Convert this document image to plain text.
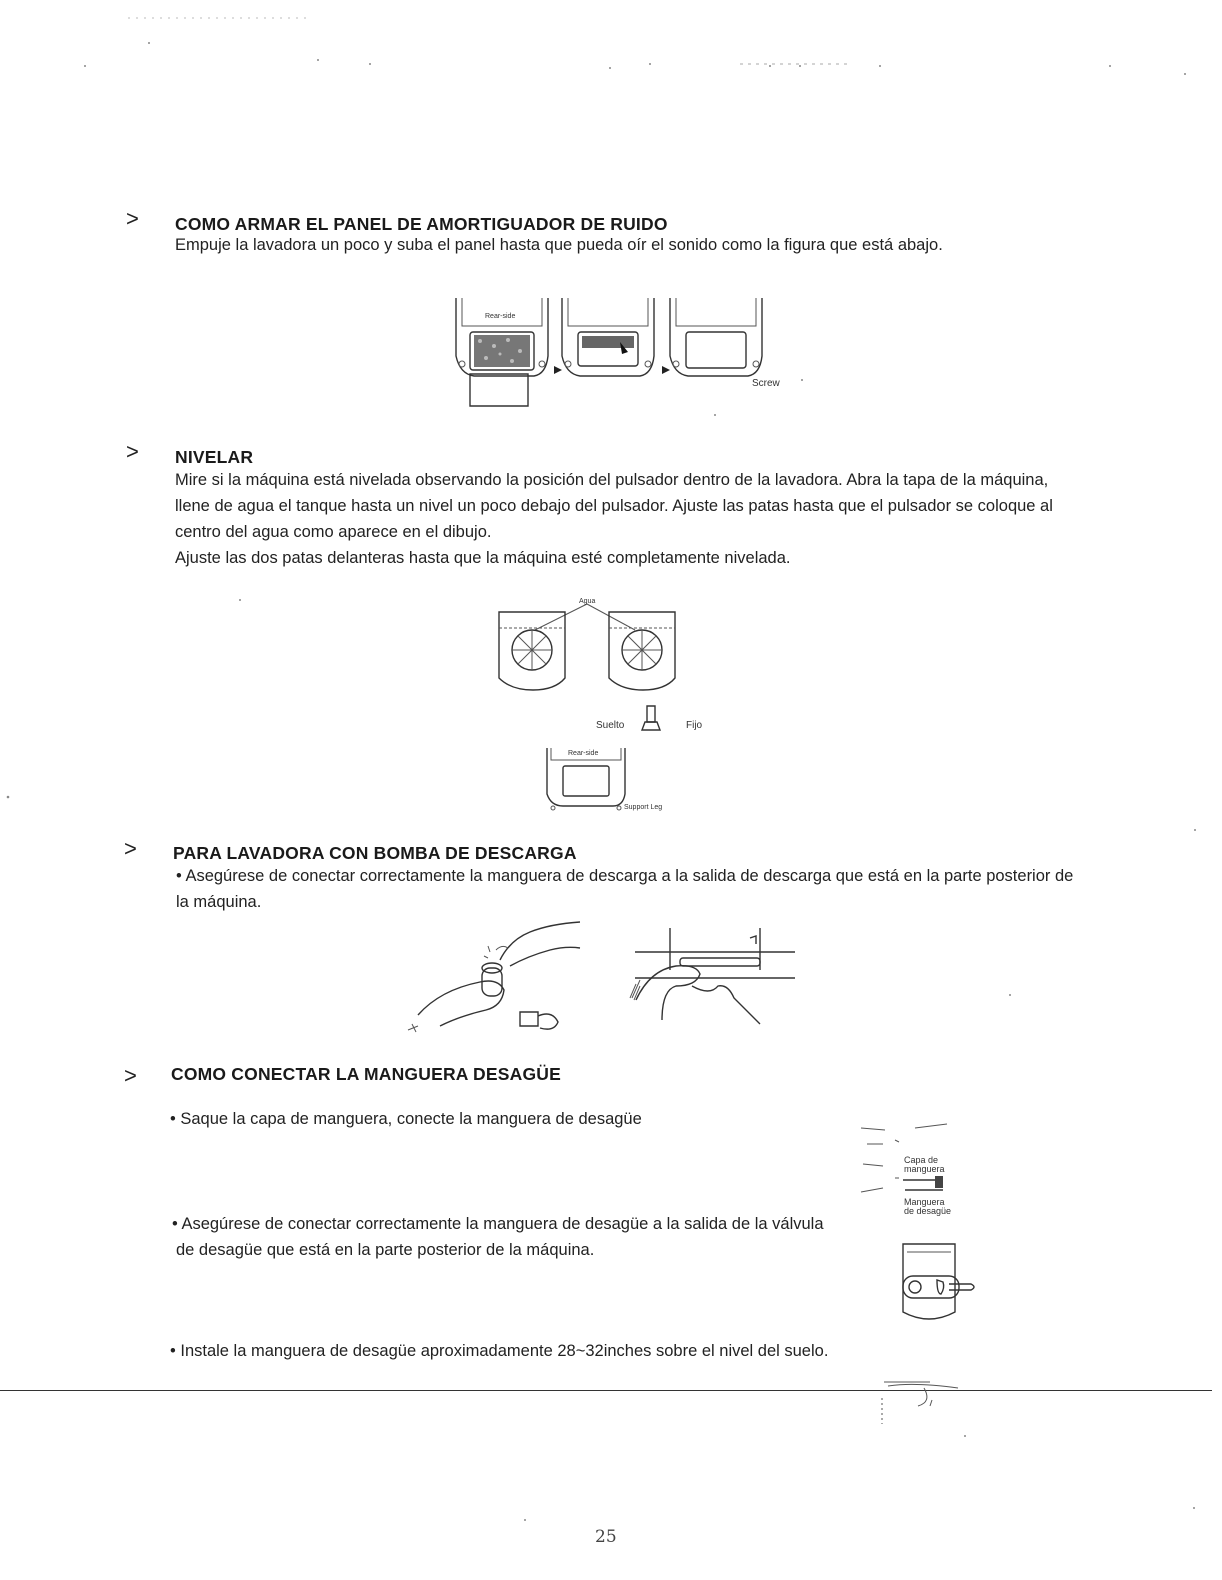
> COMO ARMAR EL PANEL DE AMORTIGUADOR DE RUIDO
Empuje la lavadora un poco y suba el panel hasta que pueda oír el sonido como la figura que está abajo.
Rear-side
Screw
> NIVELAR
Mire si la máquina está nivelada observando la posición del pulsador dentro de la lavadora. Abra la tapa de la máquina, llene de agua el tanque hasta un nivel un poco debajo del pulsador. Ajuste las patas hasta que el pulsador se coloque al centro del agua como aparece en el dibujo.
Ajuste las dos patas delanteras hasta que la máquina esté completamente nivelada.
Agua
Suelto	Fijo
Rear-side
Support Leg
> PARA LAVADORA CON BOMBA DE DESCARGA
• Asegúrese de conectar correctamente la manguera de descarga a la salida de descarga que está en la parte posterior de la máquina.
> COMO CONECTAR LA MANGUERA DESAGÜE
• Saque la capa de manguera, conecte la manguera de desagüe
• Asegúrese de conectar correctamente la manguera de desagüe a la salida de la válvula de desagüe que está en la parte posterior de la máquina.
• Instale la manguera de desagüe aproximadamente 28~32inches sobre el nivel del suelo.
Capa de
manguera
Manguera
de desagüe
25
